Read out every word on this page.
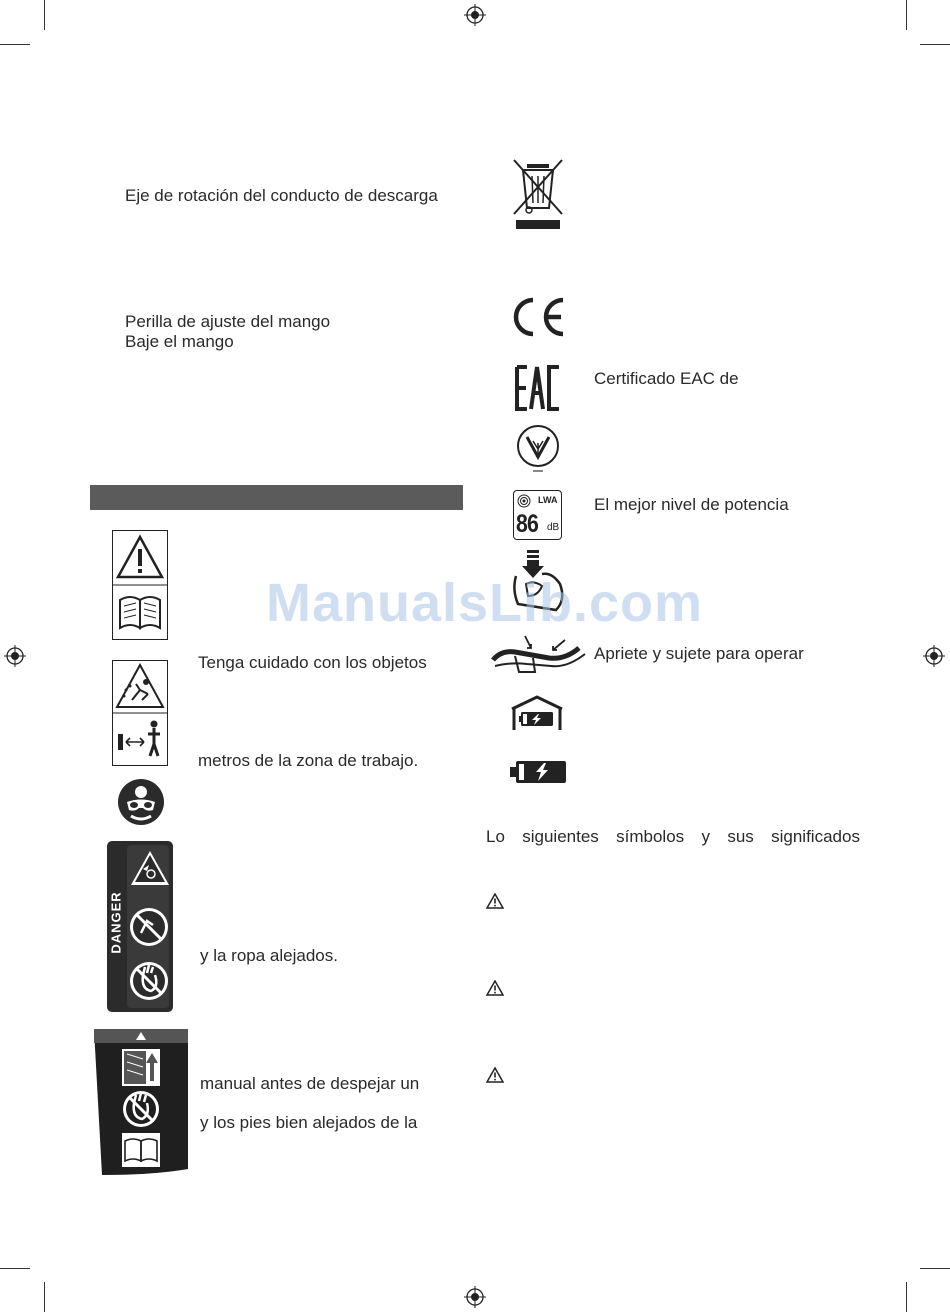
Eje de rotación del conducto de descarga
Perilla de ajuste del mango
Baje el mango
Tenga cuidado con los objetos
metros de la zona de trabajo.
DANGER
y la ropa alejados.
manual antes de despejar un
y los pies bien alejados de la
Certificado EAC de
LWA
86 dB
El mejor nivel de potencia
Apriete y sujete para operar
Lo siguientes símbolos y sus significados
ManualsLib.com
